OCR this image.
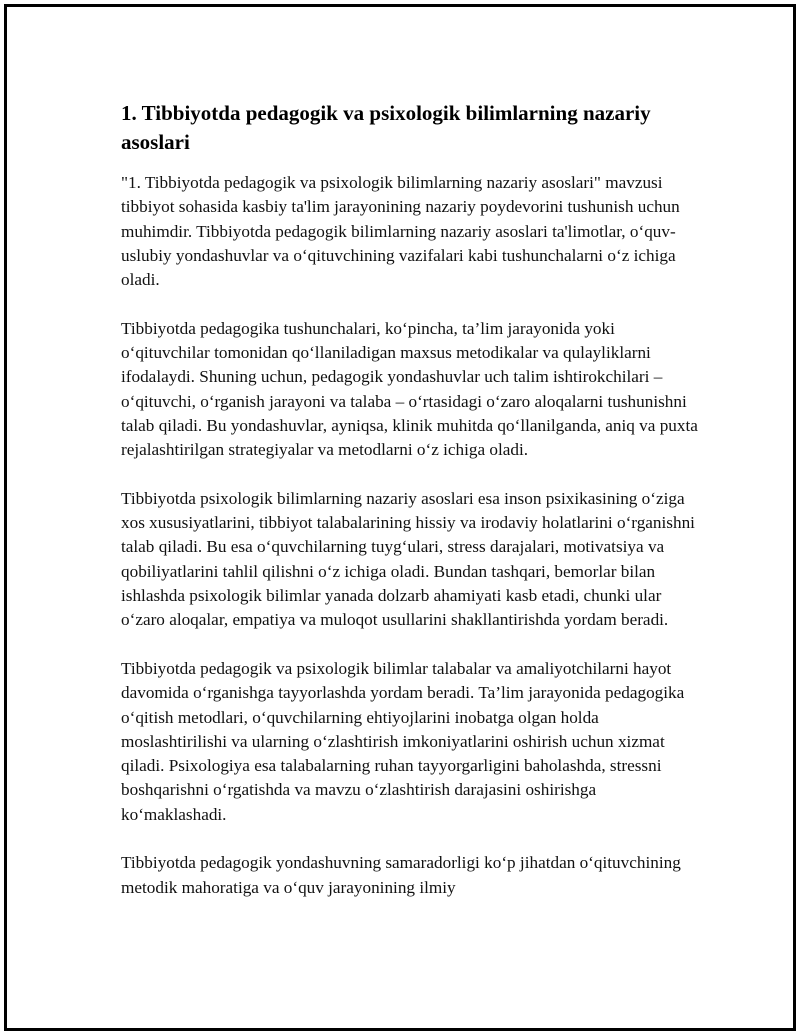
1. Tibbiyotda pedagogik va psixologik bilimlarning nazariy asoslari

"1. Tibbiyotda pedagogik va psixologik bilimlarning nazariy asoslari" mavzusi tibbiyot sohasida kasbiy ta'lim jarayonining nazariy poydevorini tushunish uchun muhimdir. Tibbiyotda pedagogik bilimlarning nazariy asoslari ta'limotlar, o‘quv-uslubiy yondashuvlar va o‘qituvchining vazifalari kabi tushunchalarni o‘z ichiga oladi.

Tibbiyotda pedagogika tushunchalari, ko‘pincha, ta’lim jarayonida yoki o‘qituvchilar tomonidan qo‘llaniladigan maxsus metodikalar va qulayliklarni ifodalaydi. Shuning uchun, pedagogik yondashuvlar uch talim ishtirokchilari – o‘qituvchi, o‘rganish jarayoni va talaba – o‘rtasidagi o‘zaro aloqalarni tushunishni talab qiladi. Bu yondashuvlar, ayniqsa, klinik muhitda qo‘llanilganda, aniq va puxta rejalashtirilgan strategiyalar va metodlarni o‘z ichiga oladi.

Tibbiyotda psixologik bilimlarning nazariy asoslari esa inson psixikasining o‘ziga xos xususiyatlarini, tibbiyot talabalarining hissiy va irodaviy holatlarini o‘rganishni talab qiladi. Bu esa o‘quvchilarning tuyg‘ulari, stress darajalari, motivatsiya va qobiliyatlarini tahlil qilishni o‘z ichiga oladi. Bundan tashqari, bemorlar bilan ishlashda psixologik bilimlar yanada dolzarb ahamiyati kasb etadi, chunki ular o‘zaro aloqalar, empatiya va muloqot usullarini shakllantirishda yordam beradi.

Tibbiyotda pedagogik va psixologik bilimlar talabalar va amaliyotchilarni hayot davomida o‘rganishga tayyorlashda yordam beradi. Ta’lim jarayonida pedagogika o‘qitish metodlari, o‘quvchilarning ehtiyojlarini inobatga olgan holda moslashtirilishi va ularning o‘zlashtirish imkoniyatlarini oshirish uchun xizmat qiladi. Psixologiya esa talabalarning ruhan tayyorgarligini baholashda, stressni boshqarishni o‘rgatishda va mavzu o‘zlashtirish darajasini oshirishga ko‘maklashadi.

Tibbiyotda pedagogik yondashuvning samaradorligi ko‘p jihatdan o‘qituvchining metodik mahoratiga va o‘quv jarayonining ilmiy
